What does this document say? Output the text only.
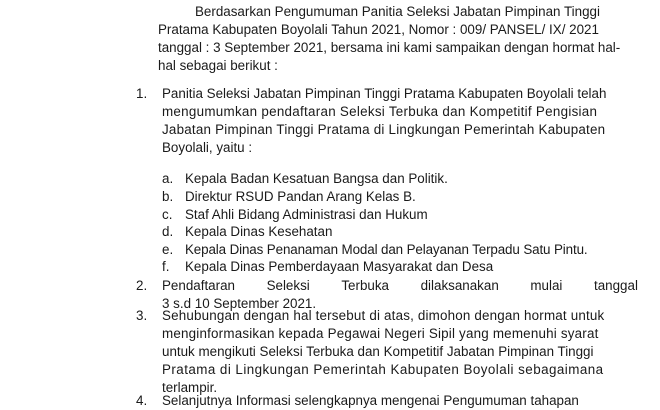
Berdasarkan Pengumuman Panitia Seleksi Jabatan Pimpinan Tinggi
Pratama Kabupaten Boyolali Tahun 2021, Nomor : 009/ PANSEL/ IX/ 2021
tanggal : 3 September 2021, bersama ini kami sampaikan dengan hormat hal-
hal sebagai berikut :
1. Panitia Seleksi Jabatan Pimpinan Tinggi Pratama Kabupaten Boyolali telah
mengumumkan pendaftaran Seleksi Terbuka dan Kompetitif Pengisian
Jabatan Pimpinan Tinggi Pratama di Lingkungan Pemerintah Kabupaten
Boyolali, yaitu :
a. Kepala Badan Kesatuan Bangsa dan Politik.
b. Direktur RSUD Pandan Arang Kelas B.
c. Staf Ahli Bidang Administrasi dan Hukum
d. Kepala Dinas Kesehatan
e. Kepala Dinas Penanaman Modal dan Pelayanan Terpadu Satu Pintu.
f. Kepala Dinas Pemberdayaan Masyarakat dan Desa
2. Pendaftaran Seleksi Terbuka dilaksanakan mulai tanggal
3 s.d 10 September 2021.
3. Sehubungan dengan hal tersebut di atas, dimohon dengan hormat untuk
menginformasikan kepada Pegawai Negeri Sipil yang memenuhi syarat
untuk mengikuti Seleksi Terbuka dan Kompetitif Jabatan Pimpinan Tinggi
Pratama di Lingkungan Pemerintah Kabupaten Boyolali sebagaimana
terlampir.
4. Selanjutnya Informasi selengkapnya mengenai Pengumuman tahapan
